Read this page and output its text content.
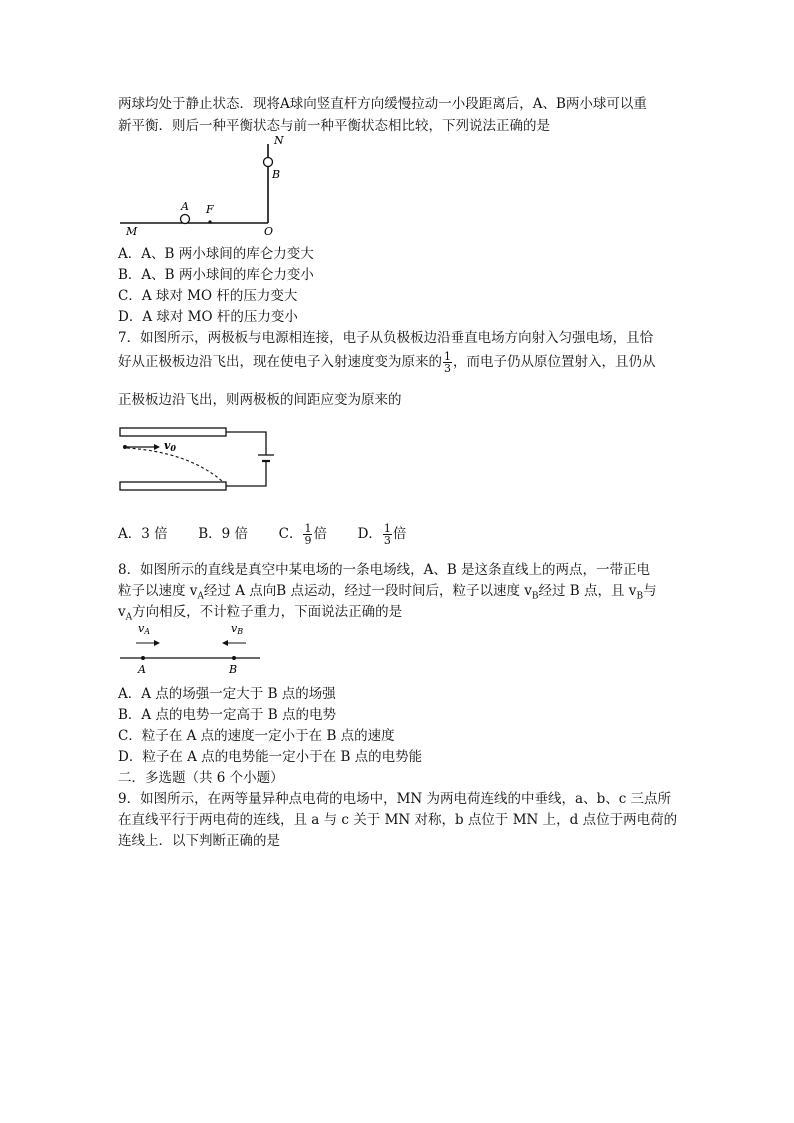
两球均处于静止状态．现将A球向竖直杆方向缓慢拉动一小段距离后，A、B两小球可以重
新平衡．则后一种平衡状态与前一种平衡状态相比较，下列说法正确的是
N
B
A F
M	O
A．A、B 两小球间的库仑力变大
B．A、B 两小球间的库仑力变小
C．A 球对 MO 杆的压力变大
D．A 球对 MO 杆的压力变小
7．如图所示，两极板与电源相连接，电子从负极板边沿垂直电场方向射入匀强电场，且恰
好从正极板边沿飞出，现在使电子入射速度变为原来的 $\frac{1}{3}$ ，而电子仍从原位置射入，且仍从
正极板边沿飞出，则两极板的间距应变为原来的
v0
A．3 倍 B．9 倍 C． $\frac{1}{9}$ 倍 D． $\frac{1}{3}$ 倍
8．如图所示的直线是真空中某电场的一条电场线，A、B 是这条直线上的两点，一带正电
粒子以速度 $v_A$经过 A 点向B 点运动，经过一段时间后，粒子以速度 $v_B$经过 B 点，且 $v_B$与
$v_A$方向相反，不计粒子重力，下面说法正确的是
vA	vB
A	B
A．A 点的场强一定大于 B 点的场强
B．A 点的电势一定高于 B 点的电势
C．粒子在 A 点的速度一定小于在 B 点的速度
D．粒子在 A 点的电势能一定小于在 B 点的电势能
二．多选题（共 6 个小题）
9．如图所示，在两等量异种点电荷的电场中，MN 为两电荷连线的中垂线，a、b、c 三点所
在直线平行于两电荷的连线，且 a 与 c 关于 MN 对称，b 点位于 MN 上，d 点位于两电荷的
连线上．以下判断正确的是
